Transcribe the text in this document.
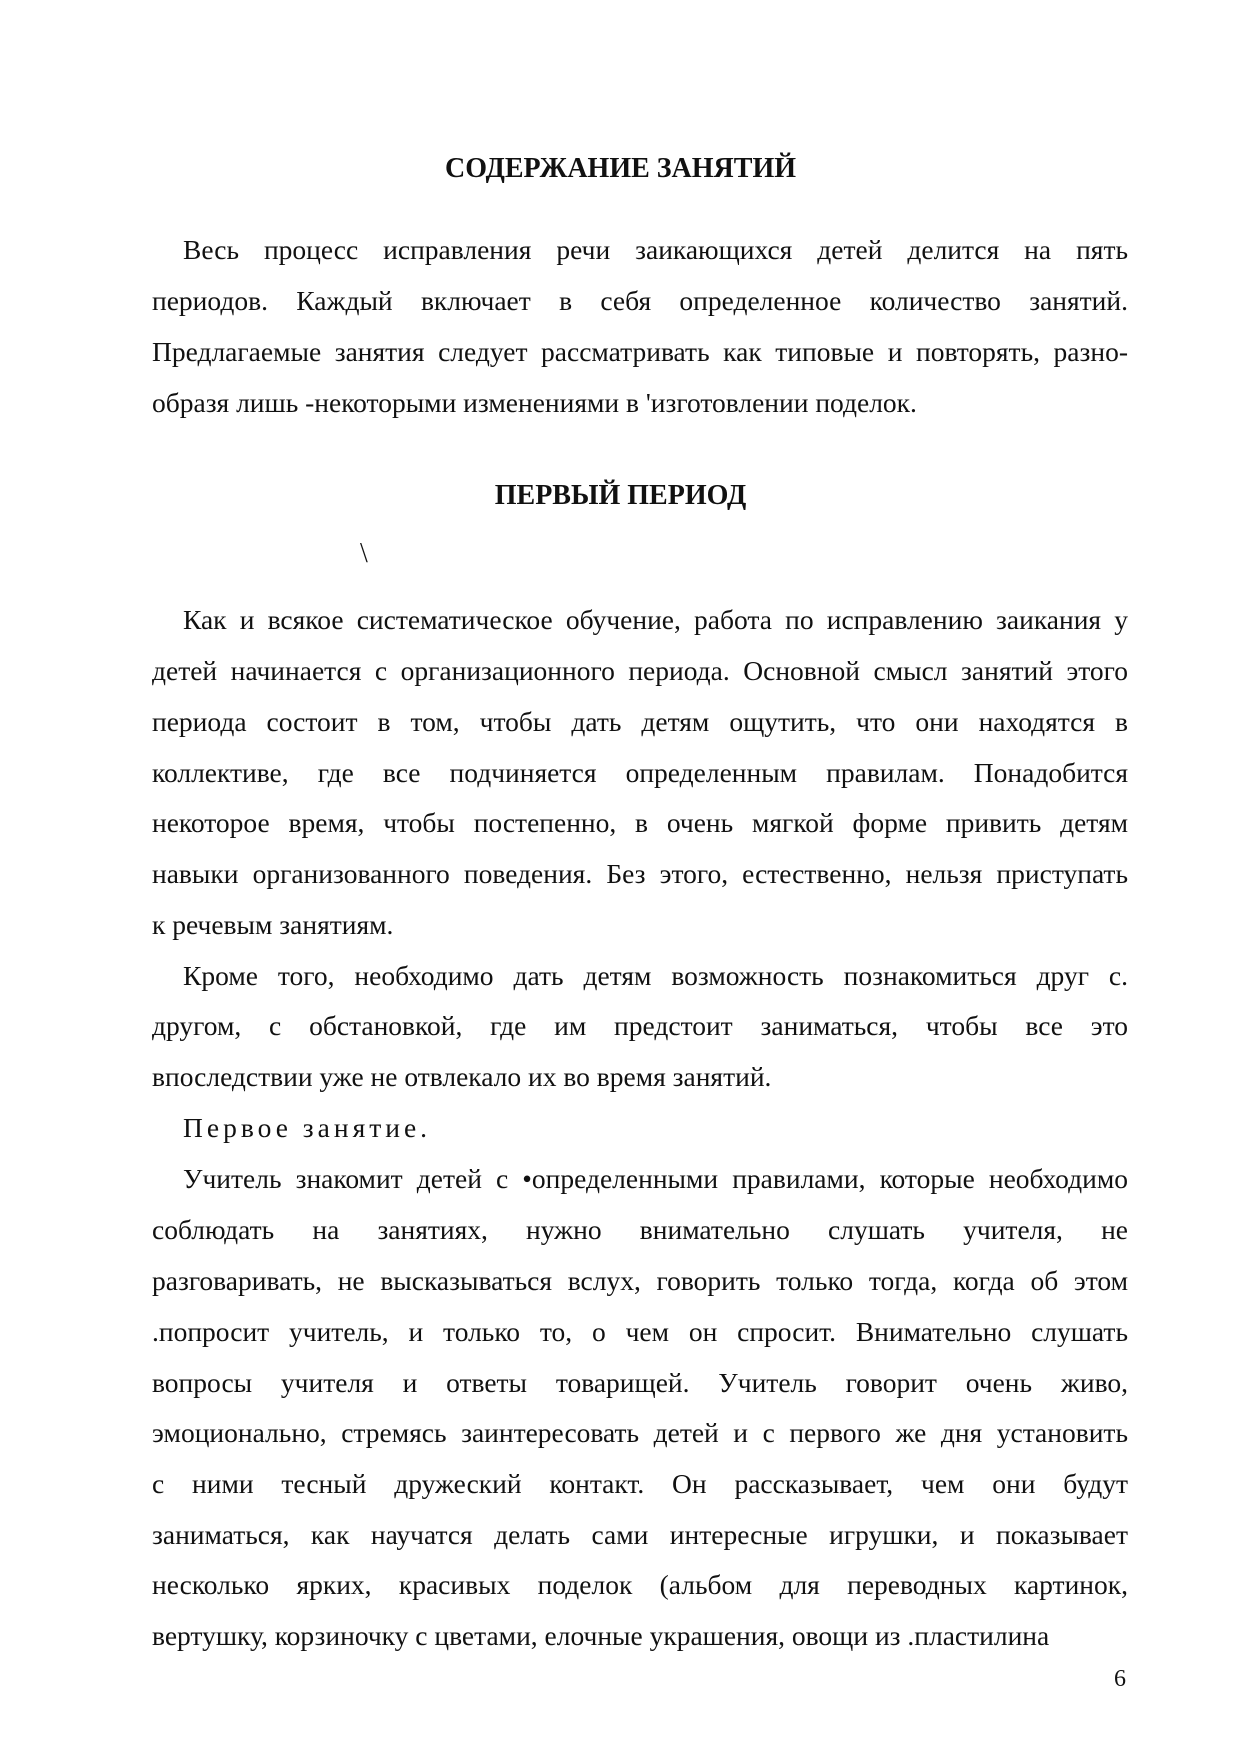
СОДЕРЖАНИЕ ЗАНЯТИЙ
ПЕРВЫЙ ПЕРИОД
\
Весь процесс исправления речи заикающихся детей делится на пять
периодов. Каждый включает в себя определенное количество занятий.
Предлагаемые занятия следует рассматривать как типовые и повторять, разно-
образя лишь -некоторыми изменениями в 'изготовлении поделок.
Как и всякое систематическое обучение, работа по исправлению заикания у
детей начинается с организационного периода. Основной смысл занятий этого
периода состоит в том, чтобы дать детям ощутить, что они находятся в
коллективе, где все подчиняется определенным правилам. Понадобится
некоторое время, чтобы постепенно, в очень мягкой форме привить детям
навыки организованного поведения. Без этого, естественно, нельзя приступать
к речевым занятиям.
Кроме того, необходимо дать детям возможность познакомиться друг с.
другом, с обстановкой, где им предстоит заниматься, чтобы все это
впоследствии уже не отвлекало их во время занятий.
Первое занятие.
Учитель знакомит детей с •определенными правилами, которые необходимо
соблюдать на занятиях, нужно внимательно слушать учителя, не
разговаривать, не высказываться вслух, говорить только тогда, когда об этом
.попросит учитель, и только то, о чем он спросит. Внимательно слушать
вопросы учителя и ответы товарищей. Учитель говорит очень живо,
эмоционально, стремясь заинтересовать детей и с первого же дня установить
с ними тесный дружеский контакт. Он рассказывает, чем они будут
заниматься, как научатся делать сами интересные игрушки, и показывает
несколько ярких, красивых поделок (альбом для переводных картинок,
вертушку, корзиночку с цветами, елочные украшения, овощи из .пластилина
6
